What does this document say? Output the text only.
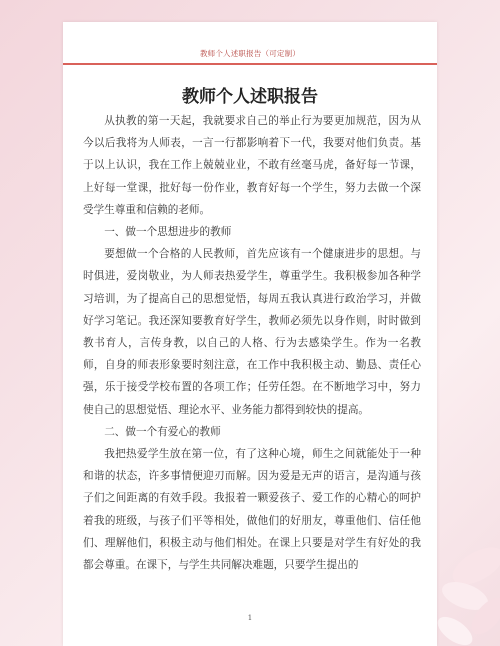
教师个人述职报告（可定制）
教师个人述职报告

从执教的第一天起，我就要求自己的举止行为要更加规范，因为从今以后我将为人师表，一言一行都影响着下一代，我要对他们负责。基于以上认识，我在工作上兢兢业业，不敢有丝毫马虎，备好每一节课，上好每一堂课，批好每一份作业，教育好每一个学生，努力去做一个深受学生尊重和信赖的老师。

一、做一个思想进步的教师

要想做一个合格的人民教师，首先应该有一个健康进步的思想。与时俱进，爱岗敬业，为人师表热爱学生，尊重学生。我积极参加各种学习培训，为了提高自己的思想觉悟，每周五我认真进行政治学习，并做好学习笔记。我还深知要教育好学生，教师必须先以身作则，时时做到教书育人，言传身教，以自己的人格、行为去感染学生。作为一名教师，自身的师表形象要时刻注意，在工作中我积极主动、勤恳、责任心强，乐于接受学校布置的各项工作；任劳任怨。在不断地学习中，努力使自己的思想觉悟、理论水平、业务能力都得到较快的提高。

二、做一个有爱心的教师

我把热爱学生放在第一位，有了这种心境，师生之间就能处于一种和谐的状态，许多事情便迎刃而解。因为爱是无声的语言，是沟通与孩子们之间距离的有效手段。我报着一颗爱孩子、爱工作的心精心的呵护着我的班级，与孩子们平等相处，做他们的好朋友，尊重他们、信任他们、理解他们，积极主动与他们相处。在课上只要是对学生有好处的我都会尊重。在课下，与学生共同解决难题，只要学生提出的

1
